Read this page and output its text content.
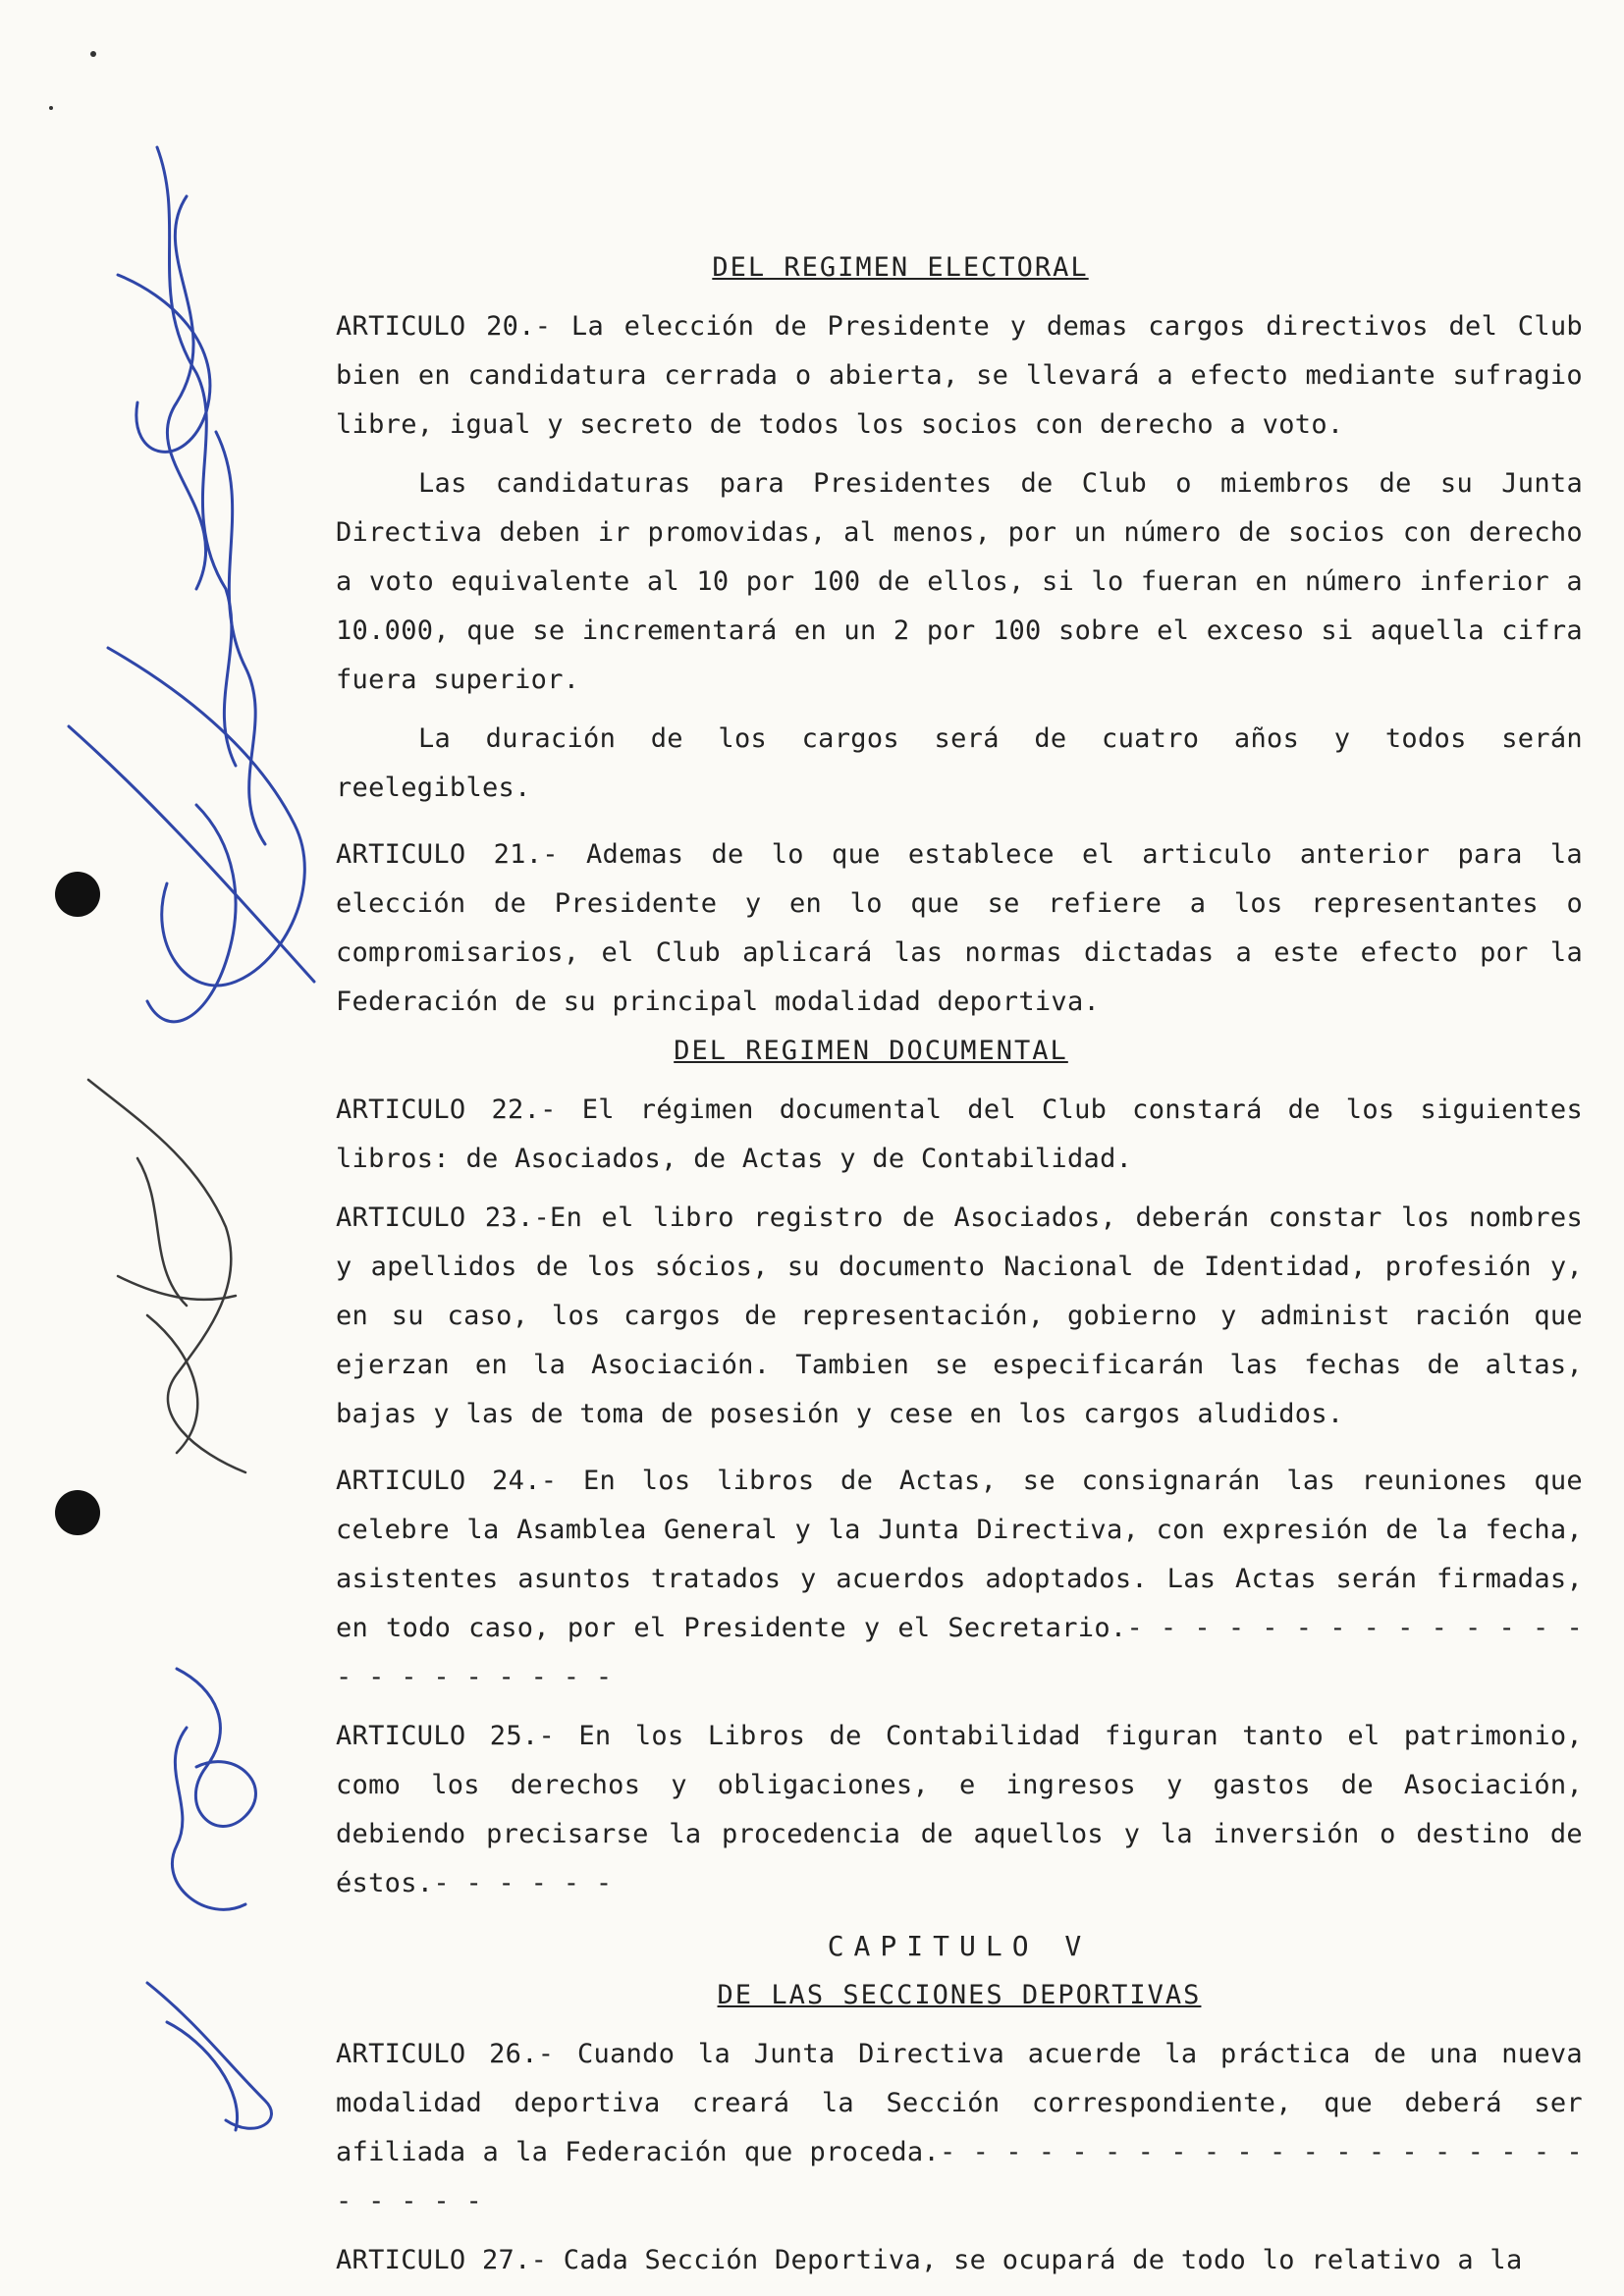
DEL REGIMEN ELECTORAL

ARTICULO 20.- La elección de Presidente y demas cargos directivos del Club bien en candidatura cerrada o abierta, se llevará a efecto mediante sufragio libre, igual y secreto de todos los socios con derecho a voto.

Las candidaturas para Presidentes de Club o miembros de su Junta Directiva deben ir promovidas, al menos, por un número de socios con derecho a voto equivalente al 10 por 100 de ellos, si lo fueran en número inferior a 10.000, que se incrementará en un 2 por 100 sobre el exceso si aquella cifra fuera superior.

La duración de los cargos será de cuatro años y todos serán reelegibles.

ARTICULO 21.- Ademas de lo que establece el articulo anterior para la elección de Presidente y en lo que se refiere a los representantes o compromisarios, el Club aplicará las normas dictadas a este efecto por la Federación de su principal modalidad deportiva.

DEL REGIMEN DOCUMENTAL

ARTICULO 22.- El régimen documental del Club constará de los siguientes libros: de Asociados, de Actas y de Contabilidad.

ARTICULO 23.-En el libro registro de Asociados, deberán constar los nombres y apellidos de los sócios, su documento Nacional de Identidad, profesión y, en su caso, los cargos de representación, gobierno y administ ración que ejerzan en la Asociación. Tambien se especificarán las fechas de altas, bajas y las de toma de posesión y cese en los cargos aludidos.

ARTICULO 24.- En los libros de Actas, se consignarán las reuniones que celebre la Asamblea General y la Junta Directiva, con expresión de la fecha, asistentes asuntos tratados y acuerdos adoptados. Las Actas serán firmadas, en todo caso, por el Presidente y el Secretario.- - - - - - - - - - - - - - - - - - - - - - -

ARTICULO 25.- En los Libros de Contabilidad figuran tanto el patrimonio, como los derechos y obligaciones, e ingresos y gastos de Asociación, debiendo precisarse la procedencia de aquellos y la inversión o destino de éstos.- - - - - -

CAPITULO V
DE LAS SECCIONES DEPORTIVAS

ARTICULO 26.- Cuando la Junta Directiva acuerde la práctica de una nueva modalidad deportiva creará la Sección correspondiente, que deberá ser afiliada a la Federación que proceda.- - - - - - - - - - - - - - - - - - - - - - - - -

ARTICULO 27.- Cada Sección Deportiva, se ocupará de todo lo relativo a la
